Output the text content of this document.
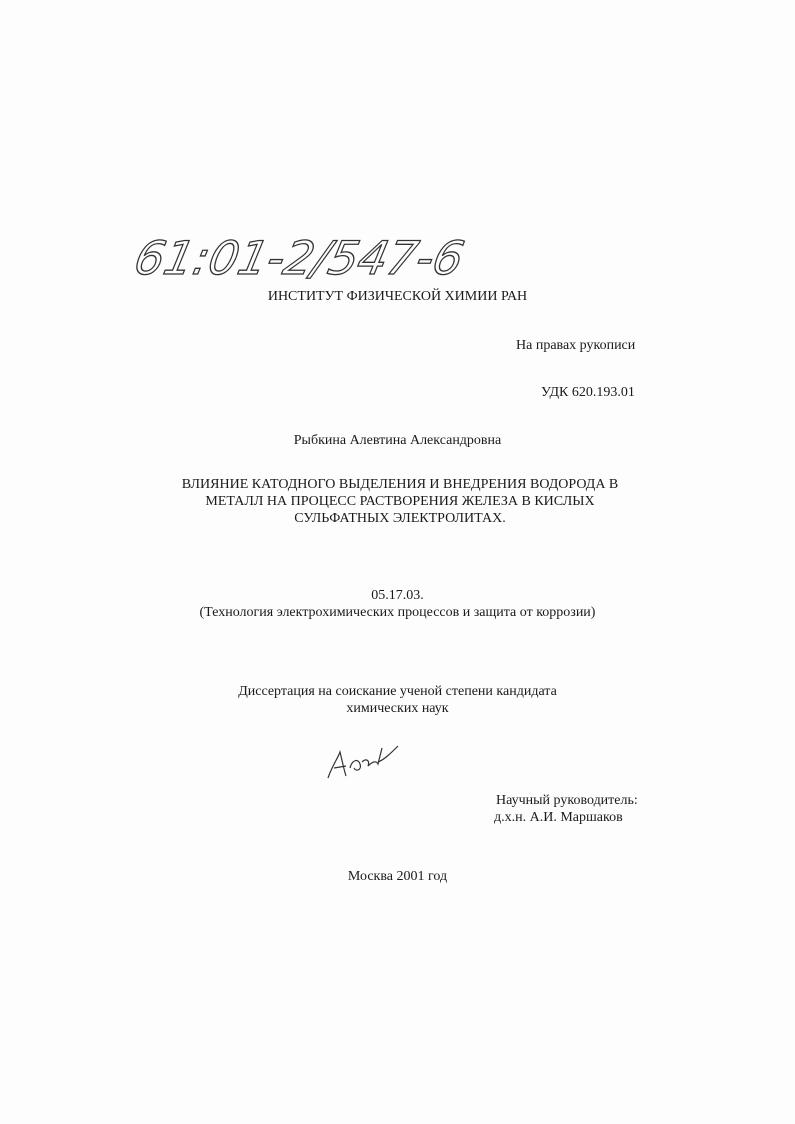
61:01-2/547-6
ИНСТИТУТ ФИЗИЧЕСКОЙ ХИМИИ РАН
На правах рукописи
УДК 620.193.01
Рыбкина Алевтина Александровна
ВЛИЯНИЕ КАТОДНОГО ВЫДЕЛЕНИЯ И ВНЕДРЕНИЯ ВОДОРОДА В
МЕТАЛЛ НА ПРОЦЕСС РАСТВОРЕНИЯ ЖЕЛЕЗА В КИСЛЫХ
СУЛЬФАТНЫХ ЭЛЕКТРОЛИТАХ.
05.17.03.
(Технология электрохимических процессов и защита от коррозии)
Диссертация на соискание ученой степени кандидата
химических наук
Научный руководитель:
д.х.н. А.И. Маршаков
Москва 2001 год
